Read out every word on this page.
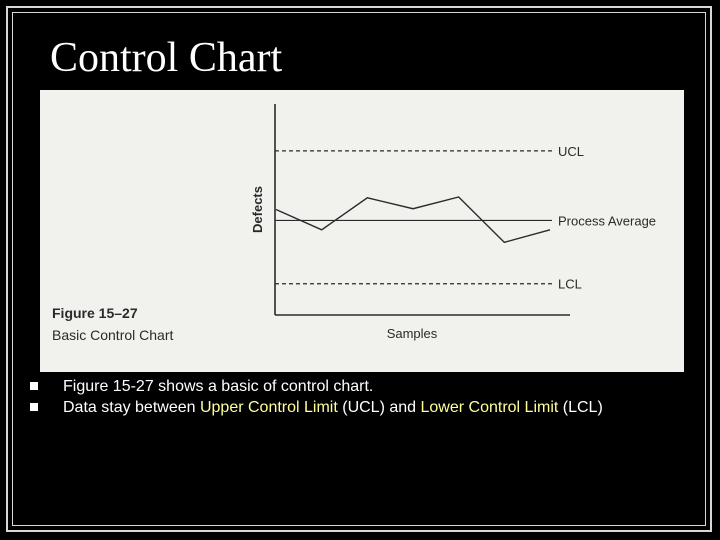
Control Chart
UCL
Process Average
LCL
Defects
Samples
Figure 15–27
Basic Control Chart
Figure 15-27 shows a basic of control chart.
Data stay between Upper Control Limit (UCL) and Lower Control Limit (LCL)
